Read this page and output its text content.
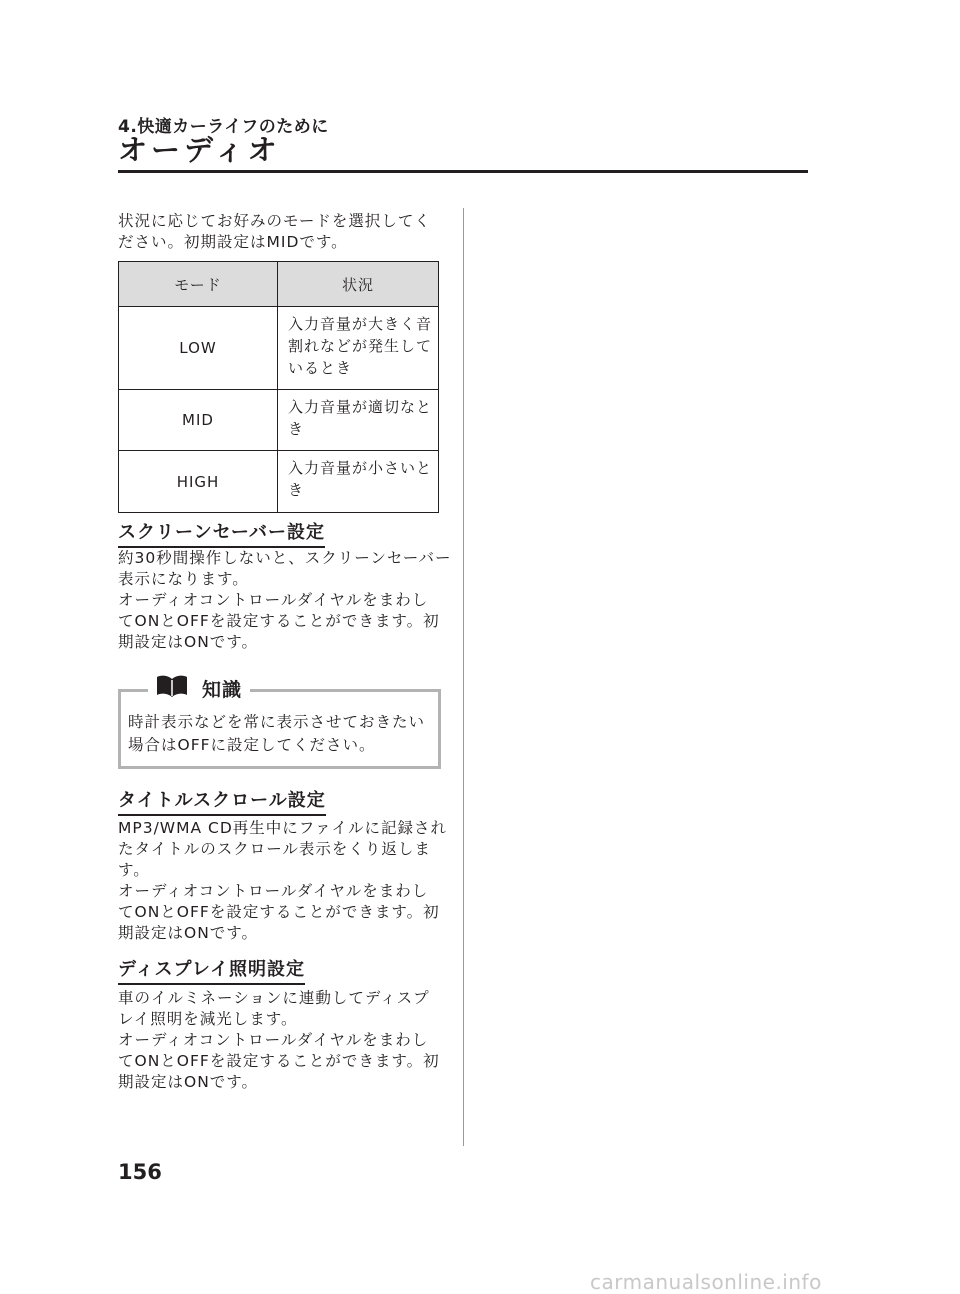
4.快適カーライフのために
オーディオ
状況に応じてお好みのモードを選択してく
ださい。初期設定はMIDです。
モード	状況
LOW	入力音量が大きく音
割れなどが発生して
いるとき

MID	入力音量が適切なと
き

HIGH	入力音量が小さいと
き
スクリーンセーバー設定
約30秒間操作しないと、スクリーンセーバー
表示になります。
オーディオコントロールダイヤルをまわし
てONとOFFを設定することができます。初
期設定はONです。
知識
時計表示などを常に表示させておきたい
場合はOFFに設定してください。
タイトルスクロール設定
MP3/WMA CD再生中にファイルに記録され
たタイトルのスクロール表示をくり返しま
す。
オーディオコントロールダイヤルをまわし
てONとOFFを設定することができます。初
期設定はONです。
ディスプレイ照明設定
車のイルミネーションに連動してディスプ
レイ照明を減光します。
オーディオコントロールダイヤルをまわし
てONとOFFを設定することができます。初
期設定はONです。
156
carmanualsonline.info
